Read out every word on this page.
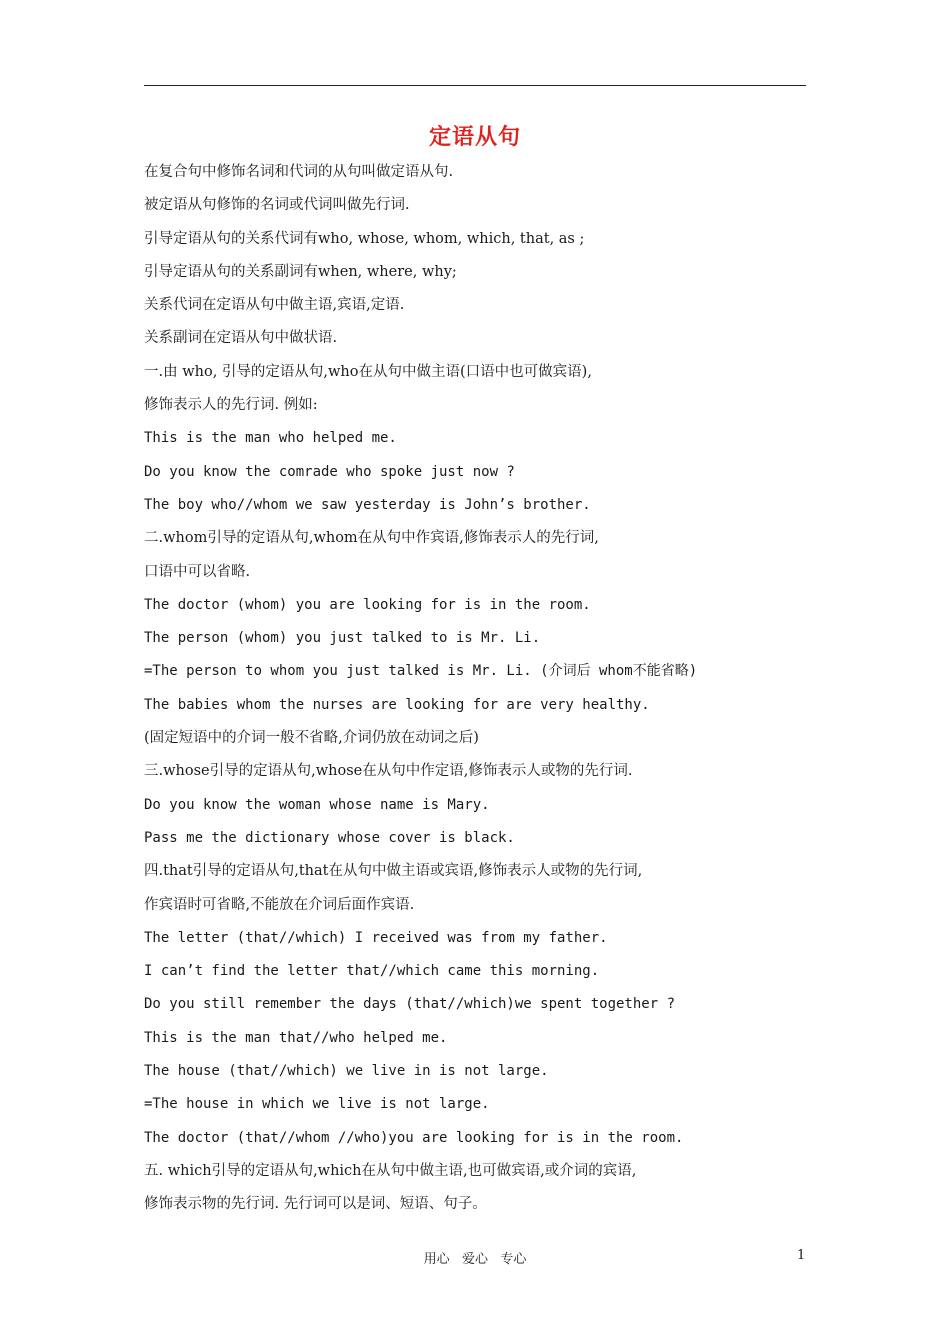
定语从句
在复合句中修饰名词和代词的从句叫做定语从句.
被定语从句修饰的名词或代词叫做先行词.
引导定语从句的关系代词有who, whose, whom, which, that, as ;
引导定语从句的关系副词有when, where, why;
关系代词在定语从句中做主语,宾语,定语.
关系副词在定语从句中做状语.
一.由 who, 引导的定语从句,who在从句中做主语(口语中也可做宾语),
修饰表示人的先行词. 例如:
This is the man who helped me.
Do you know the comrade who spoke just now ?
The boy who//whom we saw yesterday is John’s brother.
二.whom引导的定语从句,whom在从句中作宾语,修饰表示人的先行词,
口语中可以省略.
The doctor (whom) you are looking for is in the room.
The person (whom) you just talked to is Mr. Li.
=The person to whom you just talked is Mr. Li. (介词后 whom不能省略)
The babies whom the nurses are looking for are very healthy.
(固定短语中的介词一般不省略,介词仍放在动词之后)
三.whose引导的定语从句,whose在从句中作定语,修饰表示人或物的先行词.
Do you know the woman whose name is Mary.
Pass me the dictionary whose cover is black.
四.that引导的定语从句,that在从句中做主语或宾语,修饰表示人或物的先行词,
作宾语时可省略,不能放在介词后面作宾语.
The letter (that//which) I received was from my father.
I can’t find the letter that//which came this morning.
Do you still remember the days (that//which)we spent together ?
This is the man that//who helped me.
The house (that//which) we live in is not large.
=The house in which we live is not large.
The doctor (that//whom //who)you are looking for is in the room.
五. which引导的定语从句,which在从句中做主语,也可做宾语,或介词的宾语,
修饰表示物的先行词. 先行词可以是词、短语、句子。
用心   爱心   专心	1
